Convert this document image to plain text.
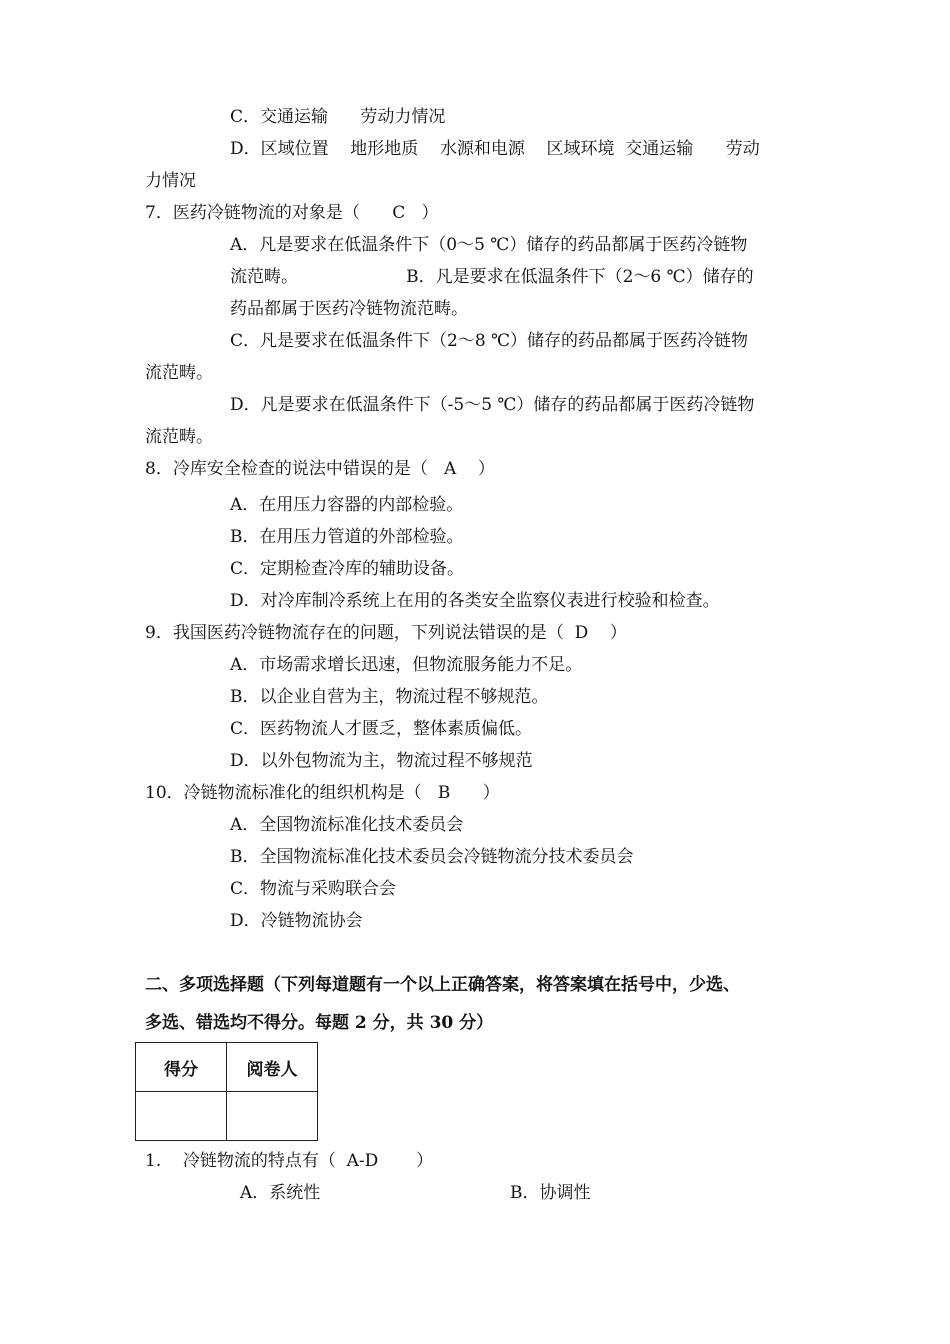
C．交通运输      劳动力情况

D．区域位置    地形地质    水源和电源    区域环境  交通运输      劳动

力情况

7．医药冷链物流的对象是（      C   ）

A．凡是要求在低温条件下（0～5 ℃）储存的药品都属于医药冷链物

流范畴。                    B．凡是要求在低温条件下（2～6 ℃）储存的

药品都属于医药冷链物流范畴。

C．凡是要求在低温条件下（2～8 ℃）储存的药品都属于医药冷链物

流范畴。

D．凡是要求在低温条件下（-5～5 ℃）储存的药品都属于医药冷链物

流范畴。

8．冷库安全检查的说法中错误的是（   A    ）

A．在用压力容器的内部检验。

B．在用压力管道的外部检验。

C．定期检查冷库的辅助设备。

D．对冷库制冷系统上在用的各类安全监察仪表进行校验和检查。

9．我国医药冷链物流存在的问题，下列说法错误的是（  D    ）

A．市场需求增长迅速，但物流服务能力不足。

B．以企业自营为主，物流过程不够规范。

C．医药物流人才匮乏，整体素质偏低。

D．以外包物流为主，物流过程不够规范

10．冷链物流标准化的组织机构是（   B      ）

A．全国物流标准化技术委员会

B．全国物流标准化技术委员会冷链物流分技术委员会

C．物流与采购联合会

D．冷链物流协会

二、多项选择题（下列每道题有一个以上正确答案，将答案填在括号中，少选、

多选、错选均不得分。每题 2 分，共 30 分）

得分	阅卷人

1.    冷链物流的特点有（  A-D       ）

A．系统性	B．协调性
